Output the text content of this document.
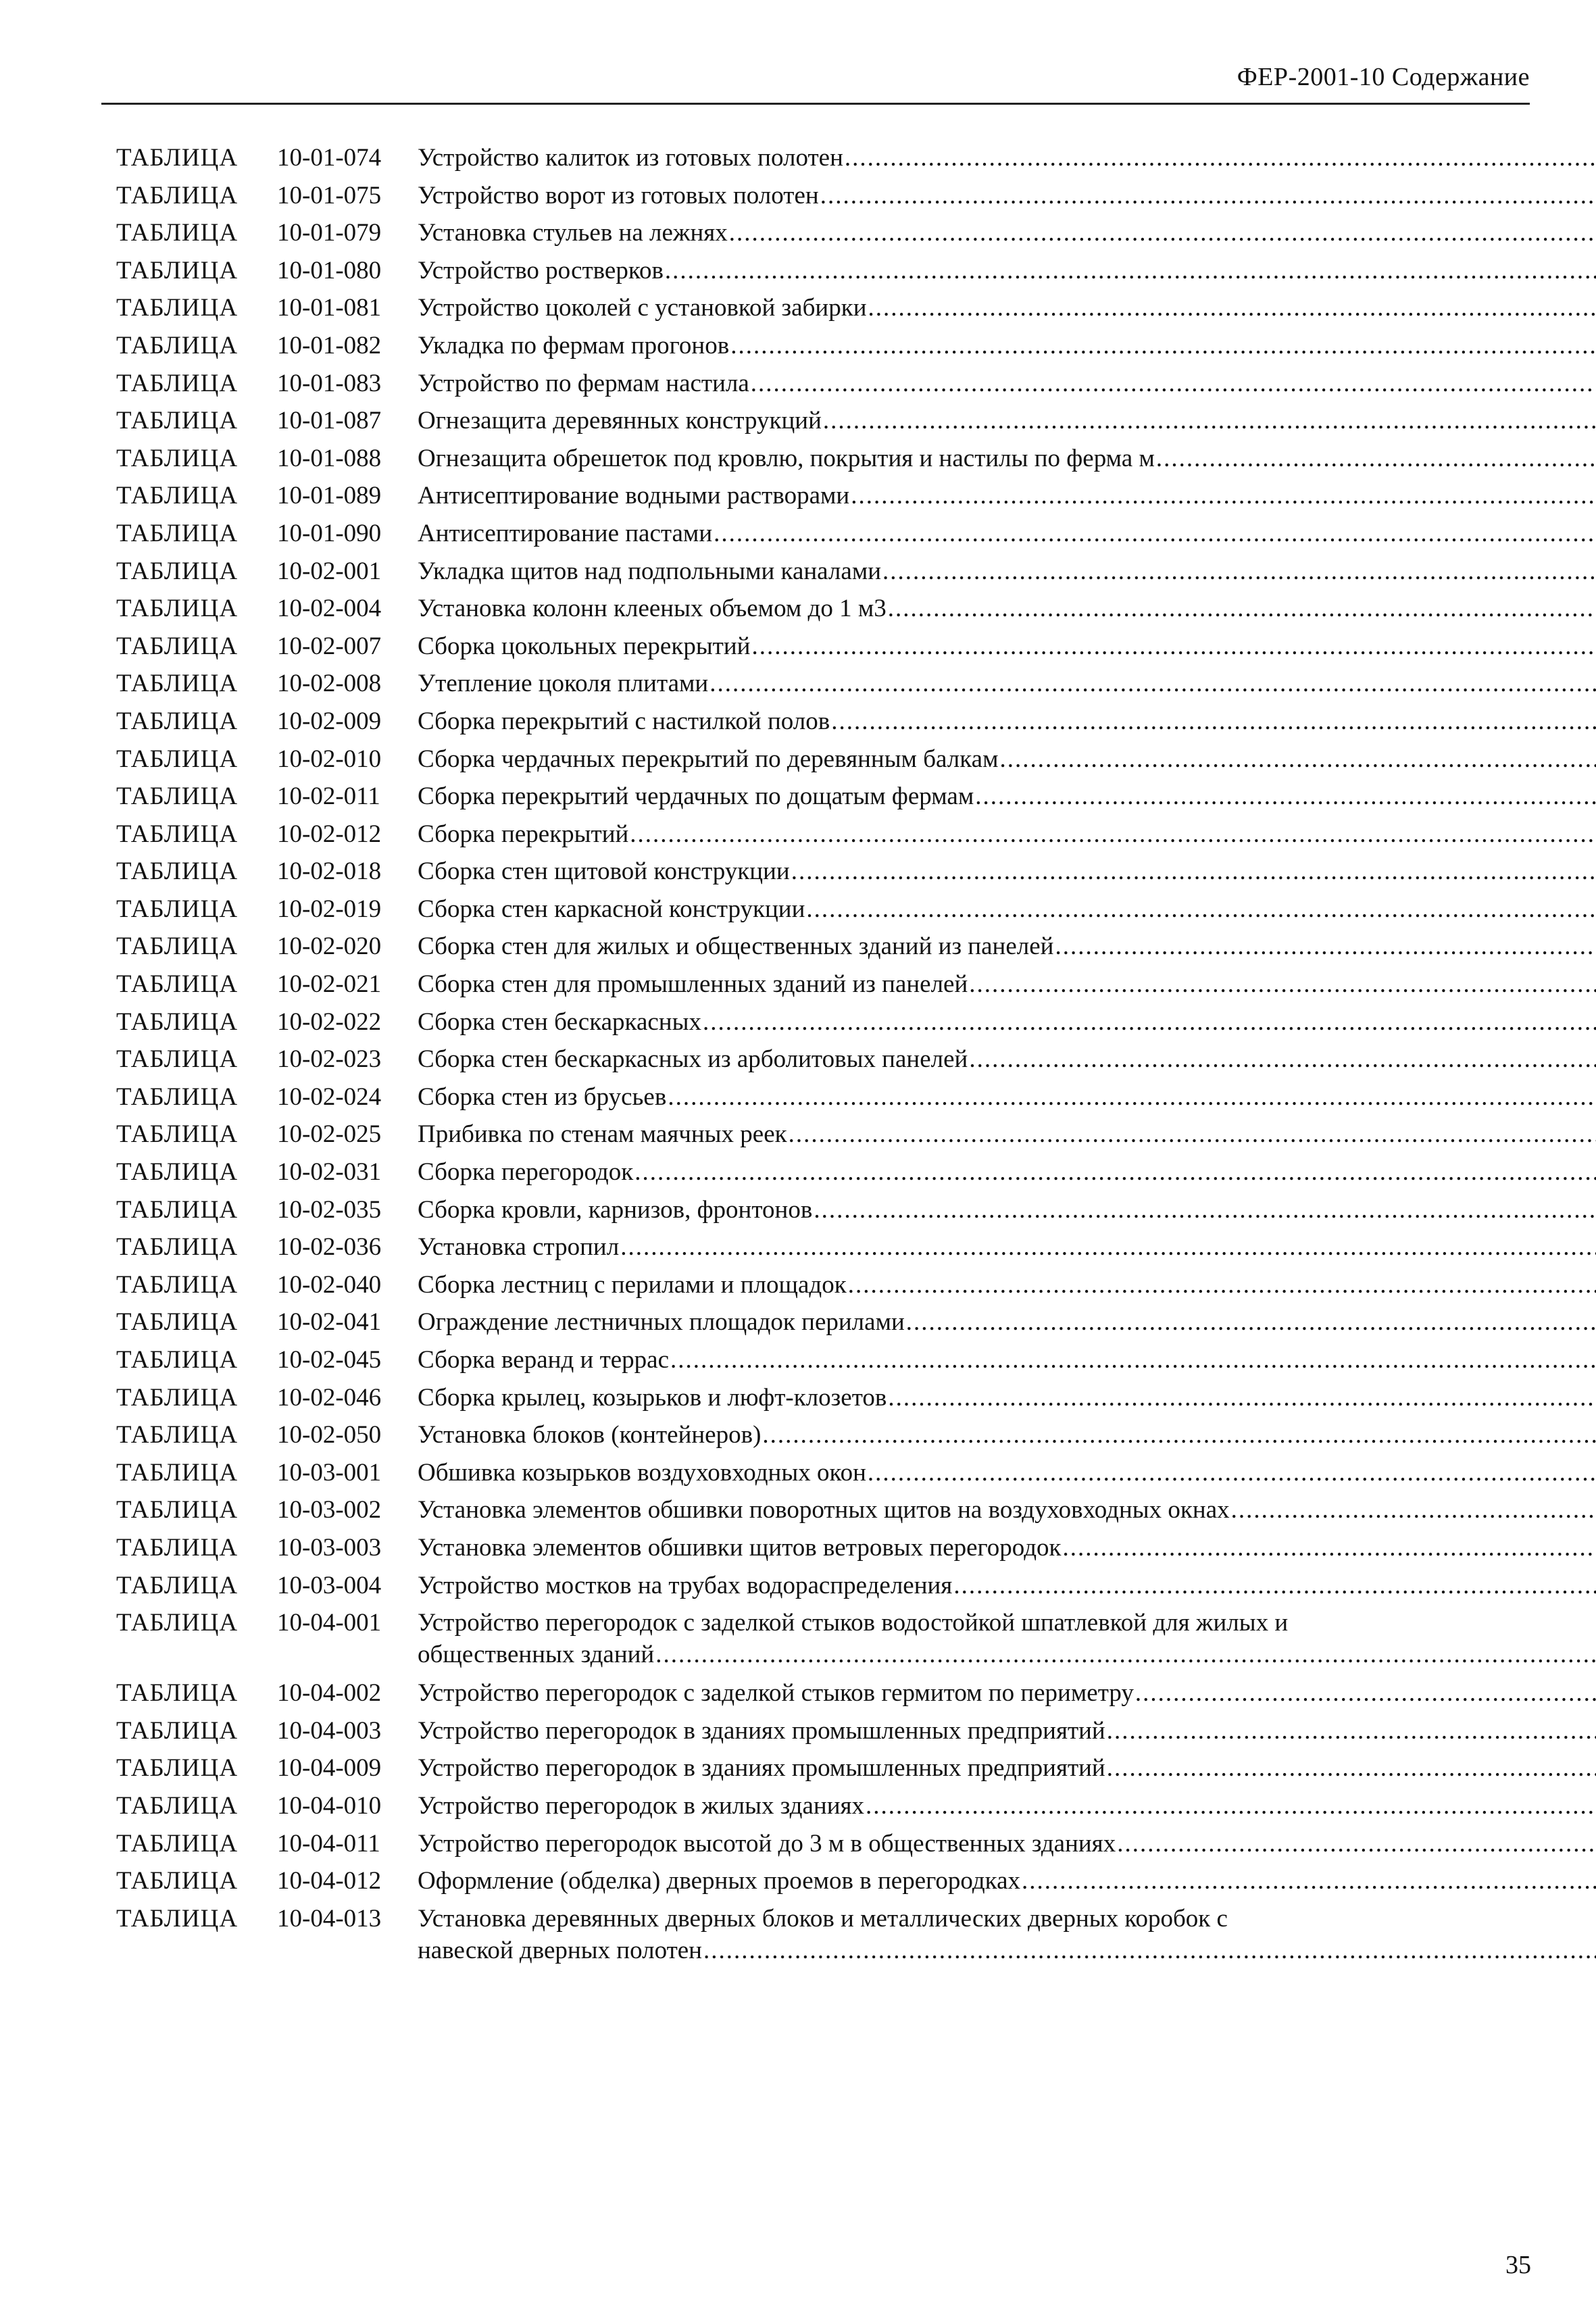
ФЕР-2001-10 Содержание
ТАБЛИЦА	10-01-074	Устройство калиток из готовых полотен
.....
ТАБЛИЦА	10-01-075	Устройство ворот из готовых полотен
.....
ТАБЛИЦА	10-01-079	Установка стульев на лежнях
.....
ТАБЛИЦА	10-01-080	Устройство ростверков
.....
ТАБЛИЦА	10-01-081	Устройство цоколей с установкой забирки
.....
ТАБЛИЦА	10-01-082	Укладка по фермам прогонов
.....
ТАБЛИЦА	10-01-083	Устройство по фермам настила
.....
ТАБЛИЦА	10-01-087	Огнезащита деревянных конструкций
.....
ТАБЛИЦА	10-01-088	Огнезащита обрешеток под кровлю, покрытия и настилы по ферма м
.....
ТАБЛИЦА	10-01-089	Антисептирование водными растворами
.....
ТАБЛИЦА	10-01-090	Антисептирование пастами
.....
ТАБЛИЦА	10-02-001	Укладка щитов над подпольными каналами
.....
ТАБЛИЦА	10-02-004	Установка колонн клееных объемом до 1 м3
.....
ТАБЛИЦА	10-02-007	Сборка цокольных перекрытий
.....
ТАБЛИЦА	10-02-008	Утепление цоколя плитами
.....
ТАБЛИЦА	10-02-009	Сборка перекрытий с настилкой полов
.....
ТАБЛИЦА	10-02-010	Сборка чердачных перекрытий по деревянным балкам
.....
ТАБЛИЦА	10-02-011	Сборка перекрытий чердачных по дощатым фермам
.....
ТАБЛИЦА	10-02-012	Сборка перекрытий
.....
ТАБЛИЦА	10-02-018	Сборка стен щитовой конструкции
.....
ТАБЛИЦА	10-02-019	Сборка стен каркасной конструкции
.....
ТАБЛИЦА	10-02-020	Сборка стен для жилых и общественных зданий из панелей
.....
ТАБЛИЦА	10-02-021	Сборка стен для промышленных зданий из панелей
.....
ТАБЛИЦА	10-02-022	Сборка стен бескаркасных
.....
ТАБЛИЦА	10-02-023	Сборка стен бескаркасных из арболитовых панелей
.....
ТАБЛИЦА	10-02-024	Сборка стен из брусьев
.....
ТАБЛИЦА	10-02-025	Прибивка по стенам маячных реек
.....
ТАБЛИЦА	10-02-031	Сборка перегородок
.....
ТАБЛИЦА	10-02-035	Сборка кровли, карнизов, фронтонов
.....
ТАБЛИЦА	10-02-036	Установка стропил
.....
ТАБЛИЦА	10-02-040	Сборка лестниц с перилами и площадок
.....
ТАБЛИЦА	10-02-041	Ограждение лестничных площадок перилами
.....
ТАБЛИЦА	10-02-045	Сборка веранд и террас
.....
ТАБЛИЦА	10-02-046	Сборка крылец, козырьков и люфт-клозетов
.....
ТАБЛИЦА	10-02-050	Установка блоков (контейнеров)
.....
ТАБЛИЦА	10-03-001	Обшивка козырьков воздуховходных окон
.....
ТАБЛИЦА	10-03-002	Установка элементов обшивки поворотных щитов на воздуховходных окнах
.....
ТАБЛИЦА	10-03-003	Установка элементов обшивки щитов ветровых перегородок
.....
ТАБЛИЦА	10-03-004	Устройство мостков на трубах водораспределения
.....
ТАБЛИЦА	10-04-001	Устройство перегородок с заделкой стыков водостойкой шпатлевкой для жилых и
общественных зданий
.....
ТАБЛИЦА	10-04-002	Устройство перегородок с заделкой стыков гермитом по периметру
.....
ТАБЛИЦА	10-04-003	Устройство перегородок в зданиях промышленных предприятий
.....
ТАБЛИЦА	10-04-009	Устройство перегородок в зданиях промышленных предприятий
.....
ТАБЛИЦА	10-04-010	Устройство перегородок в жилых зданиях
.....
ТАБЛИЦА	10-04-011	Устройство перегородок высотой до 3 м в общественных зданиях
.....
ТАБЛИЦА	10-04-012	Оформление (обделка) дверных проемов в перегородках
.....
ТАБЛИЦА	10-04-013	Установка деревянных дверных блоков и металлических дверных коробок с
навеской дверных полотен
.....
35
